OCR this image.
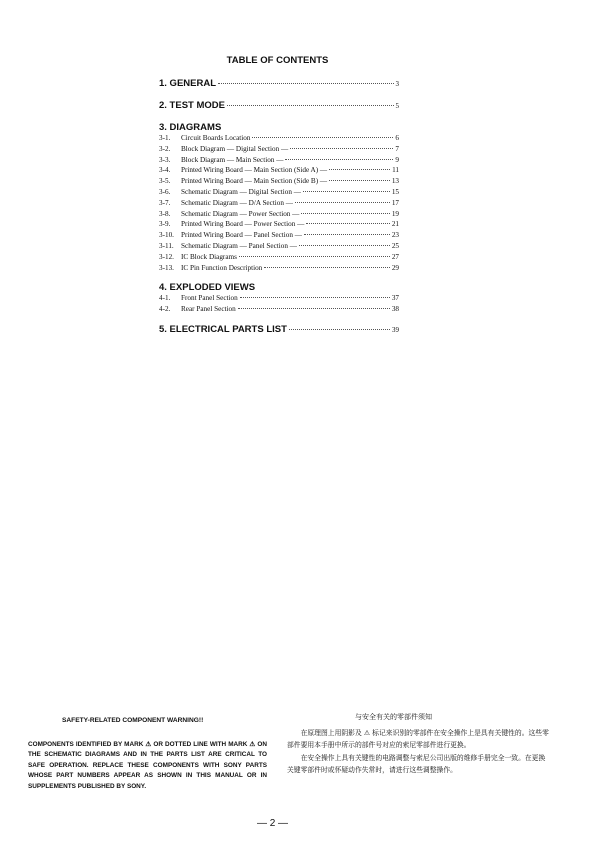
TABLE OF CONTENTS
1. GENERAL	3
2. TEST MODE	5
3. DIAGRAMS
3-1.	Circuit Boards Location	6
3-2.	Block Diagram — Digital Section —	7
3-3.	Block Diagram — Main Section —	9
3-4.	Printed Wiring Board — Main Section (Side A) —	11
3-5.	Printed Wiring Board — Main Section (Side B) —	13
3-6.	Schematic Diagram — Digital Section —	15
3-7.	Schematic Diagram — D/A Section —	17
3-8.	Schematic Diagram — Power Section —	19
3-9.	Printed Wiring Board — Power Section —	21
3-10. Printed Wiring Board — Panel Section —	23
3-11.	Schematic Diagram — Panel Section —	25
3-12. IC Block Diagrams	27
3-13. IC Pin Function Description	29
4. EXPLODED VIEWS
4-1.	Front Panel Section	37
4-2.	Rear Panel Section	38
5. ELECTRICAL PARTS LIST	39
SAFETY-RELATED COMPONENT WARNING!!
COMPONENTS IDENTIFIED BY MARK ⚠ OR DOTTED LINE WITH MARK ⚠ ON THE SCHEMATIC DIAGRAMS AND IN THE PARTS LIST ARE CRITICAL TO SAFE OPERATION. REPLACE THESE COMPONENTS WITH SONY PARTS WHOSE PART NUMBERS APPEAR AS SHOWN IN THIS MANUAL OR IN SUPPLEMENTS PUBLISHED BY SONY.
与安全有关的零部件须知

在原理图上用阴影及 ⚠ 标记来识别的零部件在安全操作上是具有关键性的。这些零部件要用本手册中所示的部件号对应的索尼零部件进行更换。

在安全操作上具有关键性的电路调整与索尼公司出版的维修手册完全一致。在更换关键零部件时或怀疑动作失常时，请进行这些调整操作。

— 2 —
